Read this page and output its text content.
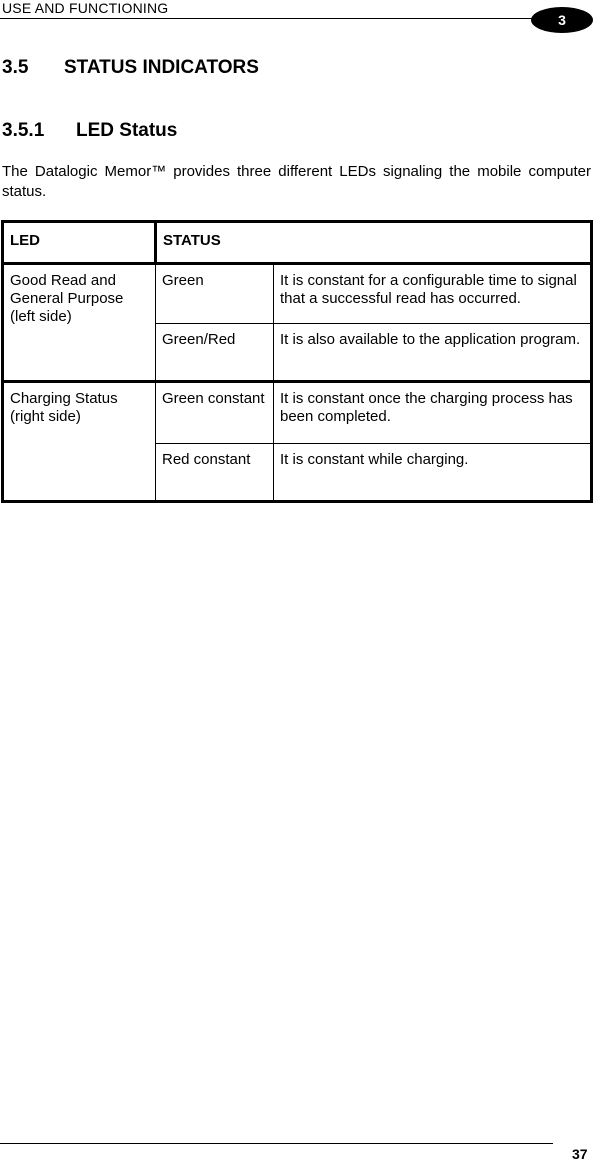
USE AND FUNCTIONING
3
3.5 STATUS INDICATORS
3.5.1 LED Status

The Datalogic Memor™ provides three different LEDs signaling the mobile computer status.

LED	STATUS	
Good Read and General Purpose (left side)	Green	It is constant for a configurable time to signal that a successful read has occurred.
	Green/Red	It is also available to the application program.
Charging Status (right side)	Green constant	It is constant once the charging process has been completed.
	Red constant	It is constant while charging.
37
